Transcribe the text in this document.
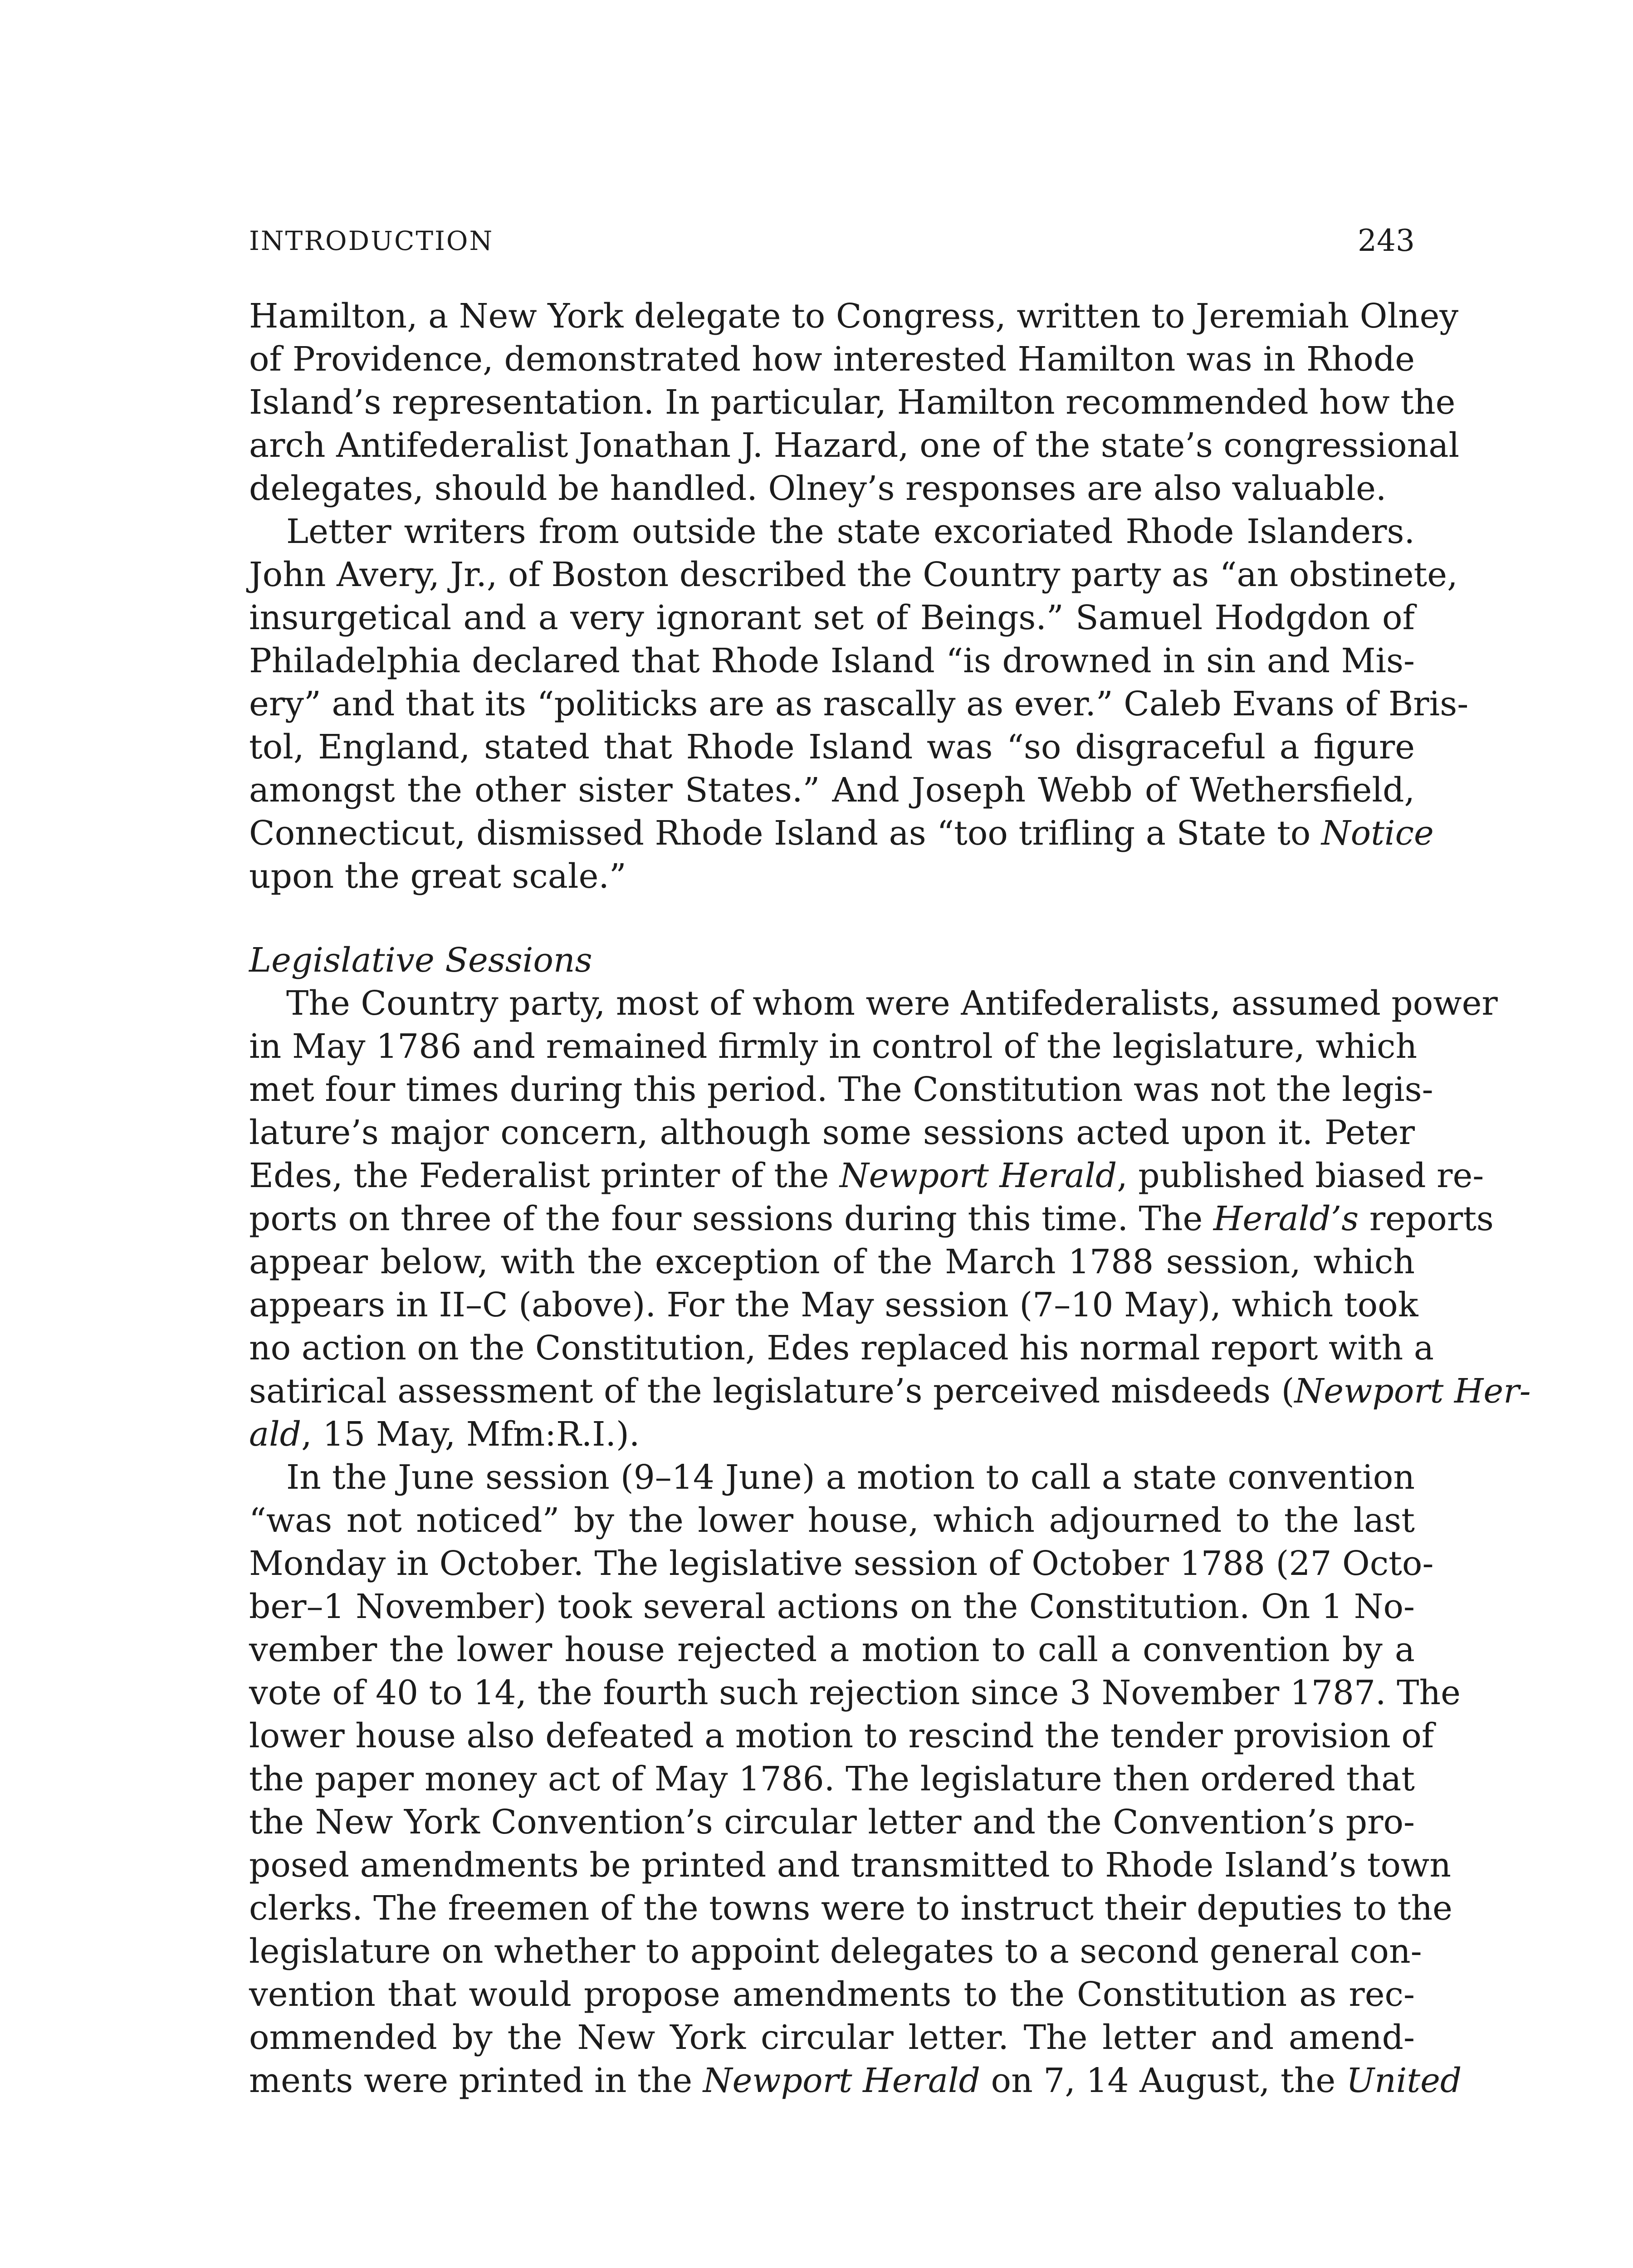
INTRODUCTION	243
Hamilton, a New York delegate to Congress, written to Jeremiah Olney
of Providence, demonstrated how interested Hamilton was in Rhode
Island’s representation. In particular, Hamilton recommended how the
arch Antifederalist Jonathan J. Hazard, one of the state’s congressional
delegates, should be handled. Olney’s responses are also valuable.
Letter writers from outside the state excoriated Rhode Islanders.
John Avery, Jr., of Boston described the Country party as “an obstinete,
insurgetical and a very ignorant set of Beings.” Samuel Hodgdon of
Philadelphia declared that Rhode Island “is drowned in sin and Mis-
ery” and that its “politicks are as rascally as ever.” Caleb Evans of Bris-
tol, England, stated that Rhode Island was “so disgraceful a figure
amongst the other sister States.” And Joseph Webb of Wethersfield,
Connecticut, dismissed Rhode Island as “too trifling a State to Notice
upon the great scale.”
Legislative Sessions
The Country party, most of whom were Antifederalists, assumed power
in May 1786 and remained firmly in control of the legislature, which
met four times during this period. The Constitution was not the legis-
lature’s major concern, although some sessions acted upon it. Peter
Edes, the Federalist printer of the Newport Herald, published biased re-
ports on three of the four sessions during this time. The Herald’s reports
appear below, with the exception of the March 1788 session, which
appears in II–C (above). For the May session (7–10 May), which took
no action on the Constitution, Edes replaced his normal report with a
satirical assessment of the legislature’s perceived misdeeds (Newport Her-
ald, 15 May, Mfm:R.I.).
In the June session (9–14 June) a motion to call a state convention
“was not noticed” by the lower house, which adjourned to the last
Monday in October. The legislative session of October 1788 (27 Octo-
ber–1 November) took several actions on the Constitution. On 1 No-
vember the lower house rejected a motion to call a convention by a
vote of 40 to 14, the fourth such rejection since 3 November 1787. The
lower house also defeated a motion to rescind the tender provision of
the paper money act of May 1786. The legislature then ordered that
the New York Convention’s circular letter and the Convention’s pro-
posed amendments be printed and transmitted to Rhode Island’s town
clerks. The freemen of the towns were to instruct their deputies to the
legislature on whether to appoint delegates to a second general con-
vention that would propose amendments to the Constitution as rec-
ommended by the New York circular letter. The letter and amend-
ments were printed in the Newport Herald on 7, 14 August, the United
